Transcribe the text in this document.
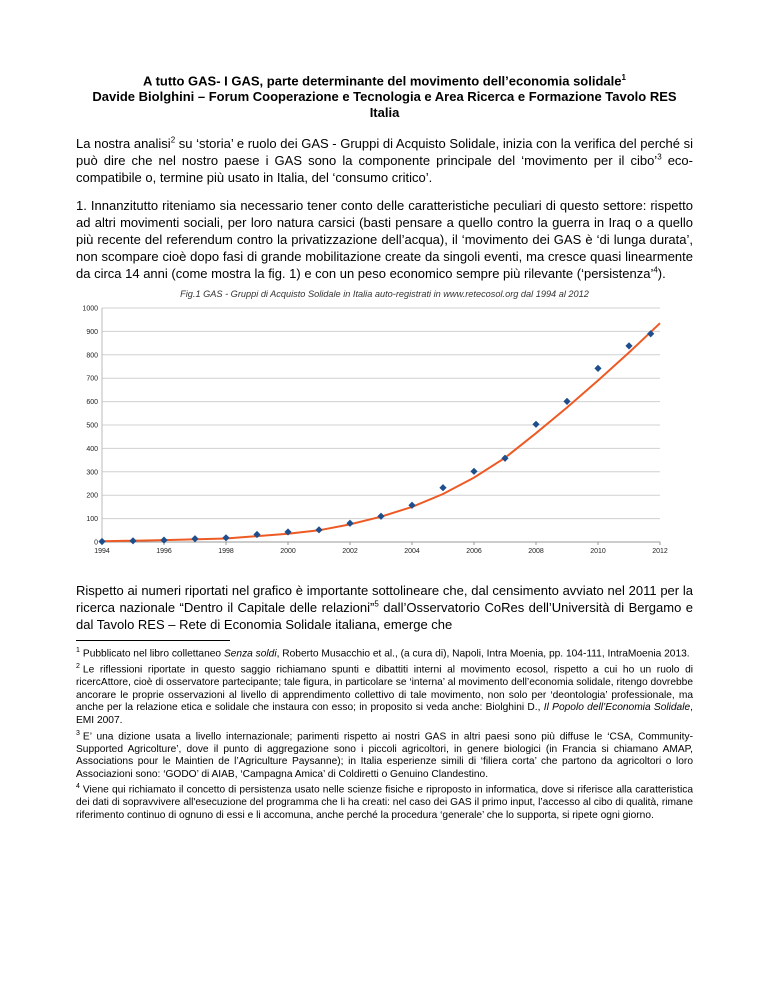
A tutto GAS- I GAS, parte determinante del movimento dell’economia solidale$^1$
Davide Biolghini – Forum Cooperazione e Tecnologia e Area Ricerca e Formazione Tavolo RES Italia

La nostra analisi$^2$ su ‘storia’ e ruolo dei GAS - Gruppi di Acquisto Solidale, inizia con la verifica del perché si può dire che nel nostro paese i GAS sono la componente principale del ‘movimento per il cibo’$^3$ eco-compatibile o, termine più usato in Italia, del ‘consumo critico’.

1. Innanzitutto riteniamo sia necessario tener conto delle caratteristiche peculiari di questo settore: rispetto ad altri movimenti sociali, per loro natura carsici (basti pensare a quello contro la guerra in Iraq o a quello più recente del referendum contro la privatizzazione dell’acqua), il ‘movimento dei GAS è ‘di lunga durata’, non scompare cioè dopo fasi di grande mobilitazione create da singoli eventi, ma cresce quasi linearmente da circa 14 anni (come mostra la fig. 1) e con un peso economico sempre più rilevante (‘persistenza’$^4$).

Fig.1 GAS - Gruppi di Acquisto Solidale in Italia auto-registrati in www.retecosol.org dal 1994 al 2012

0
100
200
300
400
500
600
700
800
900
1000
1994	1996	1998	2000	2002	2004	2006	2008	2010	2012

Rispetto ai numeri riportati nel grafico è importante sottolineare che, dal censimento avviato nel 2011 per la ricerca nazionale “Dentro il Capitale delle relazioni”$^5$ dall’Osservatorio CoRes dell’Università di Bergamo e dal Tavolo RES – Rete di Economia Solidale italiana, emerge che

$^1$ Pubblicato nel libro collettaneo Senza soldi, Roberto Musacchio et al., (a cura di), Napoli, Intra Moenia, pp. 104-111, IntraMoenia 2013.

$^2$ Le riflessioni riportate in questo saggio richiamano spunti e dibattiti interni al movimento ecosol, rispetto a cui ho un ruolo di ricercAttore, cioè di osservatore partecipante; tale figura, in particolare se ‘interna’ al movimento dell’economia solidale, ritengo dovrebbe ancorare le proprie osservazioni al livello di apprendimento collettivo di tale movimento, non solo per ‘deontologia’ professionale, ma anche per la relazione etica e solidale che instaura con esso; in proposito si veda anche: Biolghini D., Il Popolo dell’Economia Solidale, EMI 2007.

$^3$ E’ una dizione usata a livello internazionale; parimenti rispetto ai nostri GAS in altri paesi sono più diffuse le ‘CSA, Community-Supported Agricolture’, dove il punto di aggregazione sono i piccoli agricoltori, in genere biologici (in Francia si chiamano AMAP, Associations pour le Maintien de l’Agriculture Paysanne); in Italia esperienze simili di ‘filiera corta’ che partono da agricoltori o loro Associazioni sono: ‘GODO’ di AIAB, ‘Campagna Amica’ di Coldiretti o Genuino Clandestino.

$^4$ Viene qui richiamato il concetto di persistenza usato nelle scienze fisiche e riproposto in informatica, dove si riferisce alla caratteristica dei dati di sopravvivere all'esecuzione del programma che li ha creati: nel caso dei GAS il primo input, l’accesso al cibo di qualità, rimane riferimento continuo di ognuno di essi e li accomuna, anche perché la procedura ‘generale’ che lo supporta, si ripete ogni giorno.
